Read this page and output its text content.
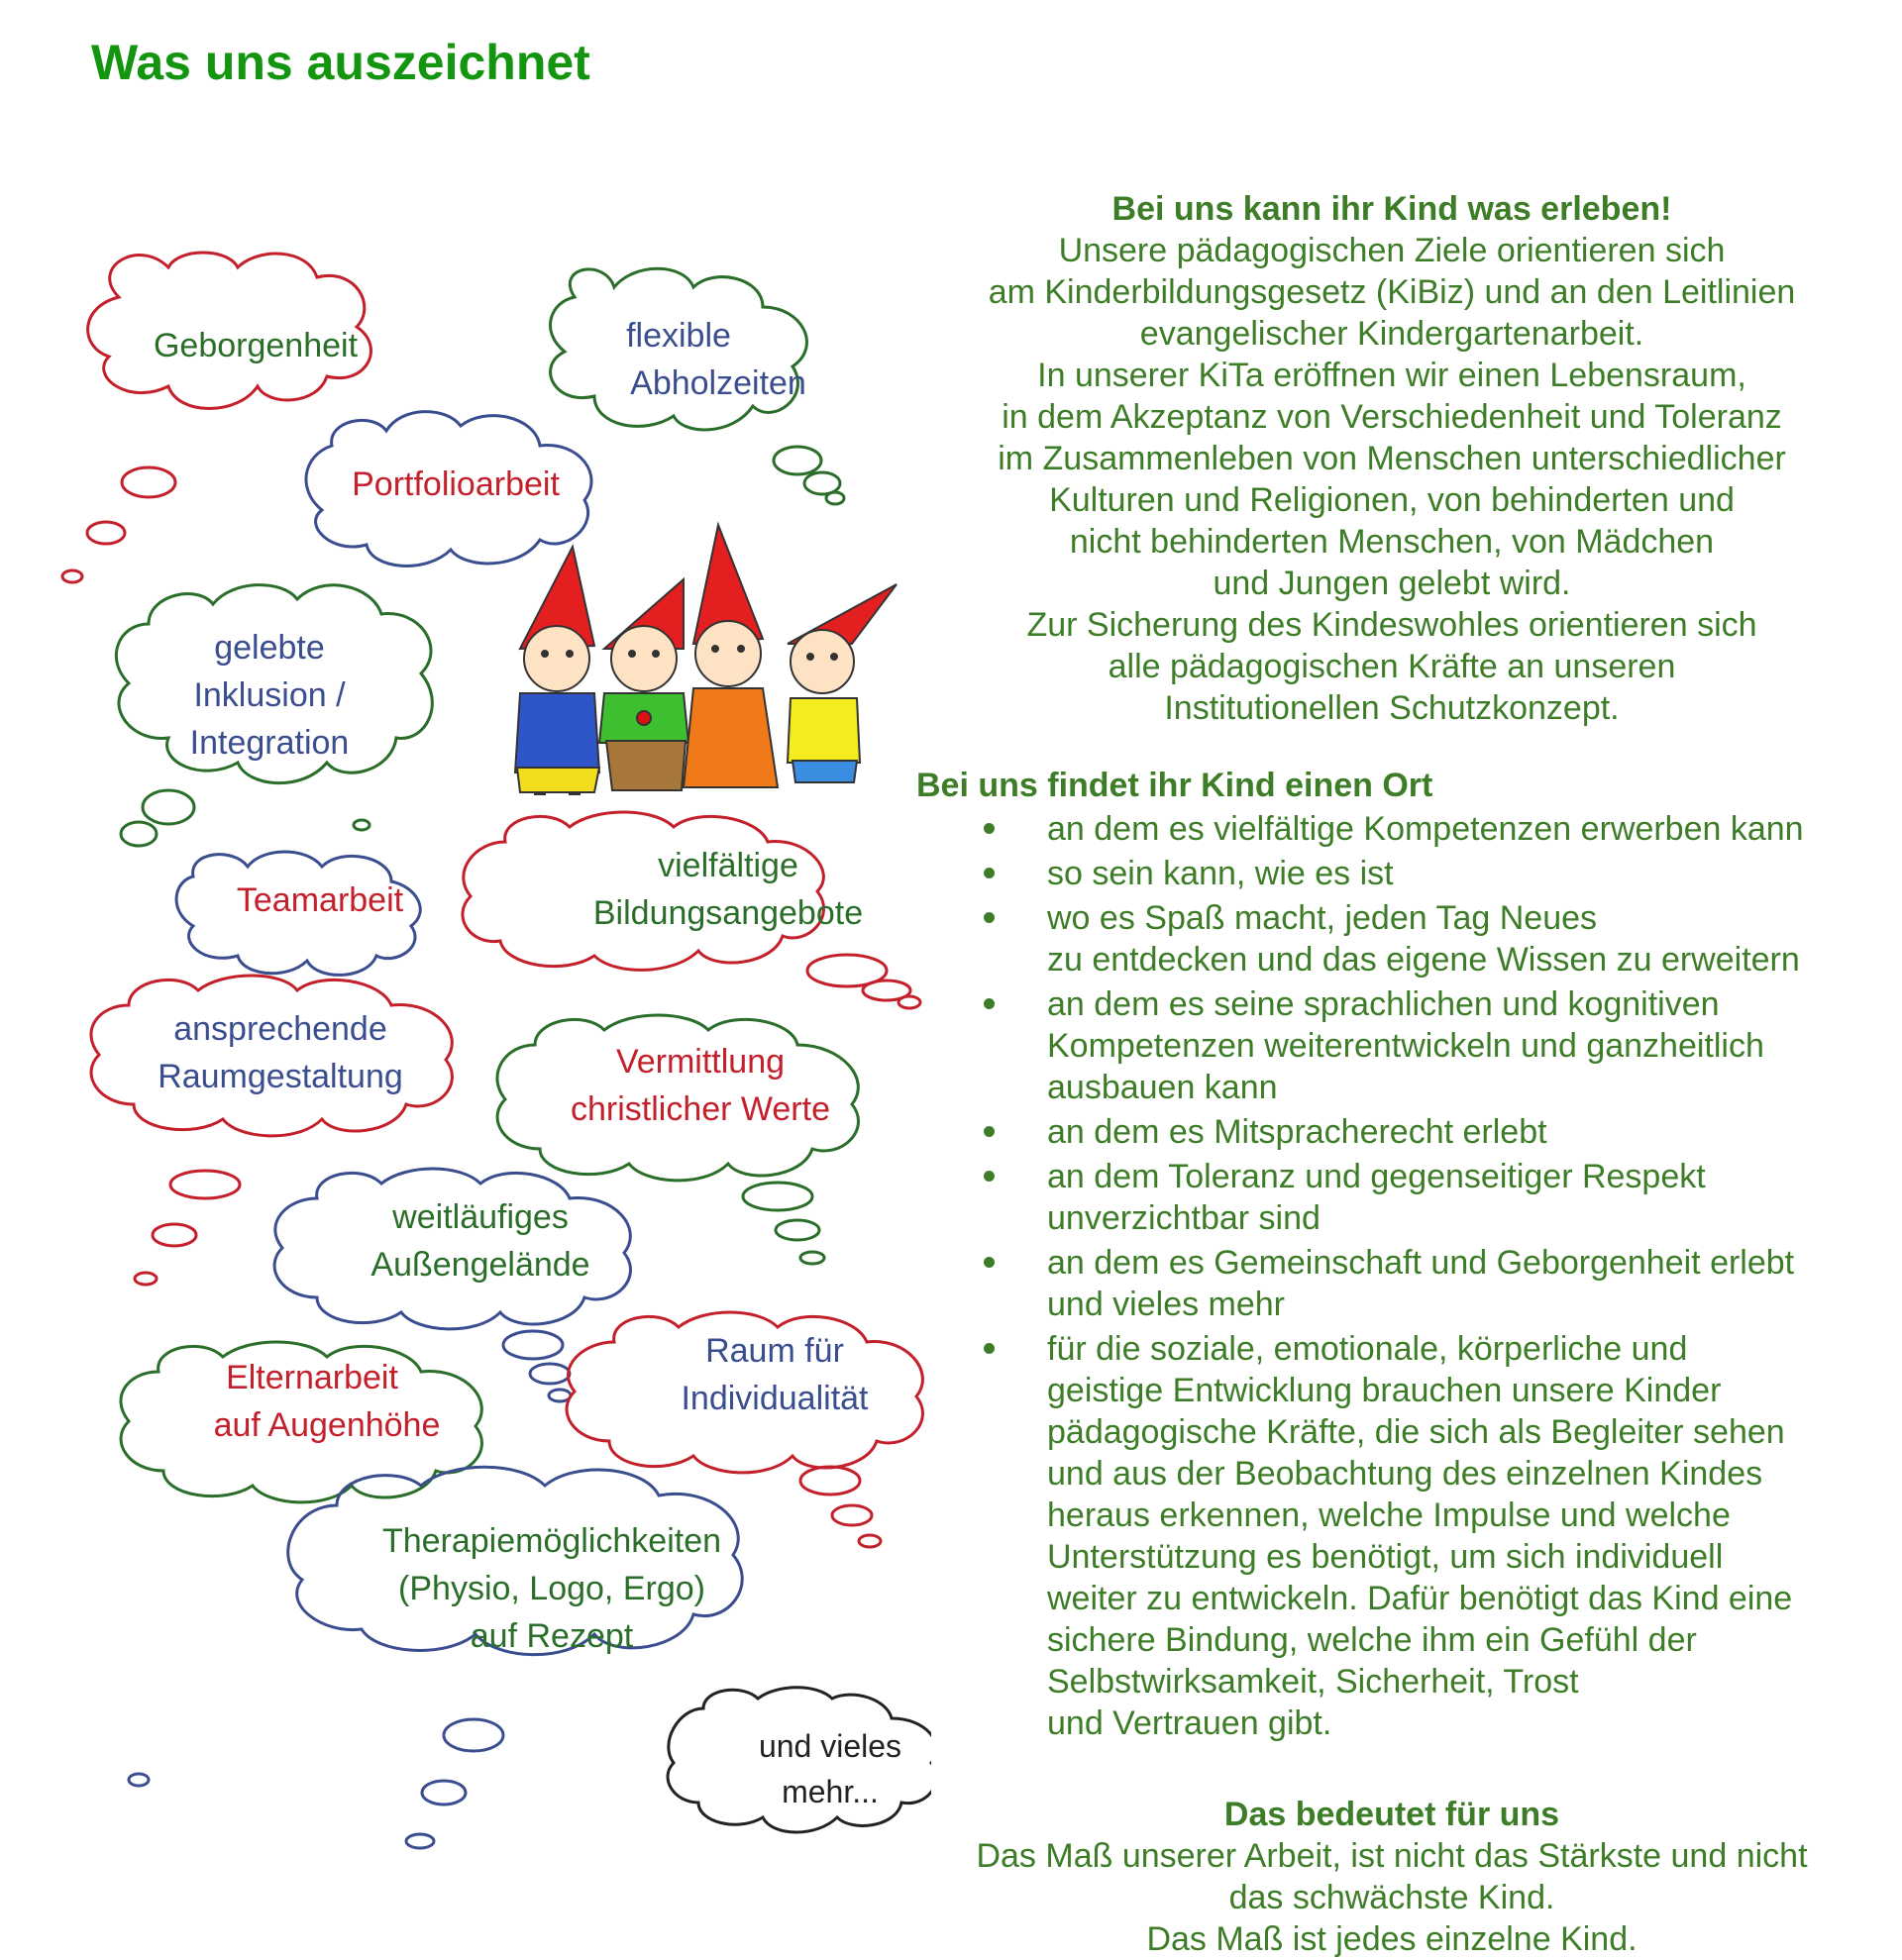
Was uns auszeichnet
Geborgenheit	flexible Abholzeiten
Portfolioarbeit
gelebte Inklusion / Integration
Teamarbeit
vielfältige Bildungsangebote
ansprechende Raumgestaltung	Vermittlung christlicher Werte
weitläufiges Außengelände
Elternarbeit auf Augenhöhe
Raum für Individualität
Therapiemöglichkeiten (Physio, Logo, Ergo) auf Rezept
und vieles mehr...

Bei uns kann ihr Kind was erleben!

Unsere pädagogischen Ziele orientieren sich
am Kinderbildungsgesetz (KiBiz) und an den Leitlinien
evangelischer Kindergartenarbeit.
In unserer KiTa eröffnen wir einen Lebensraum,
in dem Akzeptanz von Verschiedenheit und Toleranz
im Zusammenleben von Menschen unterschiedlicher
Kulturen und Religionen, von behinderten und
nicht behinderten Menschen, von Mädchen
und Jungen gelebt wird.
Zur Sicherung des Kindeswohles orientieren sich
alle pädagogischen Kräfte an unseren
Institutionellen Schutzkonzept.

Bei uns findet ihr Kind einen Ort

an dem es vielfältige Kompetenzen erwerben kann
so sein kann, wie es ist
wo es Spaß macht, jeden Tag Neues
zu entdecken und das eigene Wissen zu erweitern
an dem es seine sprachlichen und kognitiven
Kompetenzen weiterentwickeln und ganzheitlich
ausbauen kann
an dem es Mitspracherecht erlebt
an dem Toleranz und gegenseitiger Respekt
unverzichtbar sind
an dem es Gemeinschaft und Geborgenheit erlebt
und vieles mehr
für die soziale, emotionale, körperliche und
geistige Entwicklung brauchen unsere Kinder
pädagogische Kräfte, die sich als Begleiter sehen
und aus der Beobachtung des einzelnen Kindes
heraus erkennen, welche Impulse und welche
Unterstützung es benötigt, um sich individuell
weiter zu entwickeln. Dafür benötigt das Kind eine
sichere Bindung, welche ihm ein Gefühl der
Selbstwirksamkeit, Sicherheit, Trost
und Vertrauen gibt.

Das bedeutet für uns

Das Maß unserer Arbeit, ist nicht das Stärkste und nicht
das schwächste Kind.
Das Maß ist jedes einzelne Kind.
